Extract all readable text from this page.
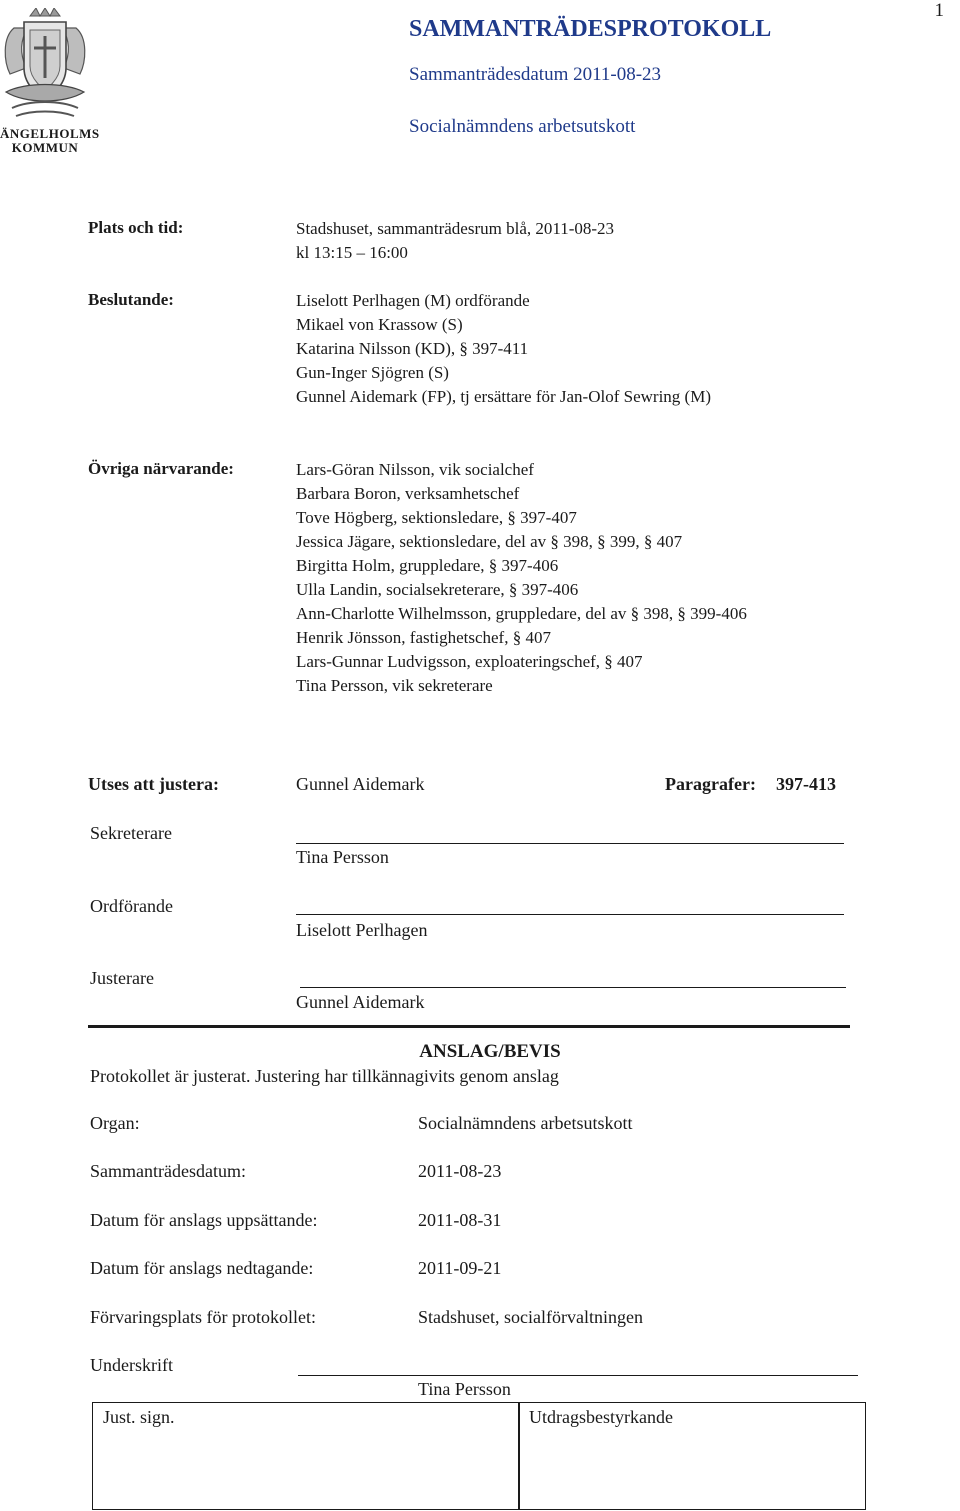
1
ÄNGELHOLMS
KOMMUN
SAMMANTRÄDESPROTOKOLL
Sammanträdesdatum 2011-08-23
Socialnämndens arbetsutskott
Plats och tid:	Stadshuset, sammanträdesrum blå, 2011-08-23
kl 13:15 – 16:00
Beslutande:	Liselott Perlhagen (M) ordförande
Mikael von Krassow (S)
Katarina Nilsson (KD), § 397-411
Gun-Inger Sjögren (S)
Gunnel Aidemark (FP), tj ersättare för Jan-Olof Sewring (M)
Övriga närvarande:	Lars-Göran Nilsson, vik socialchef
Barbara Boron, verksamhetschef
Tove Högberg, sektionsledare, § 397-407
Jessica Jägare, sektionsledare, del av § 398, § 399, § 407
Birgitta Holm, gruppledare, § 397-406
Ulla Landin, socialsekreterare, § 397-406
Ann-Charlotte Wilhelmsson, gruppledare, del av § 398, § 399-406
Henrik Jönsson, fastighetschef, § 407
Lars-Gunnar Ludvigsson, exploateringschef, § 407
Tina Persson, vik sekreterare
Utses att justera:	Gunnel Aidemark	Paragrafer: 397-413
Sekreterare
Tina Persson
Ordförande
Liselott Perlhagen
Justerare
Gunnel Aidemark
ANSLAG/BEVIS
Protokollet är justerat. Justering har tillkännagivits genom anslag
Organ:	Socialnämndens arbetsutskott
Sammanträdesdatum:	2011-08-23
Datum för anslags uppsättande:	2011-08-31
Datum för anslags nedtagande:	2011-09-21
Förvaringsplats för protokollet:	Stadshuset, socialförvaltningen
Underskrift
Tina Persson
Just. sign.	Utdragsbestyrkande
